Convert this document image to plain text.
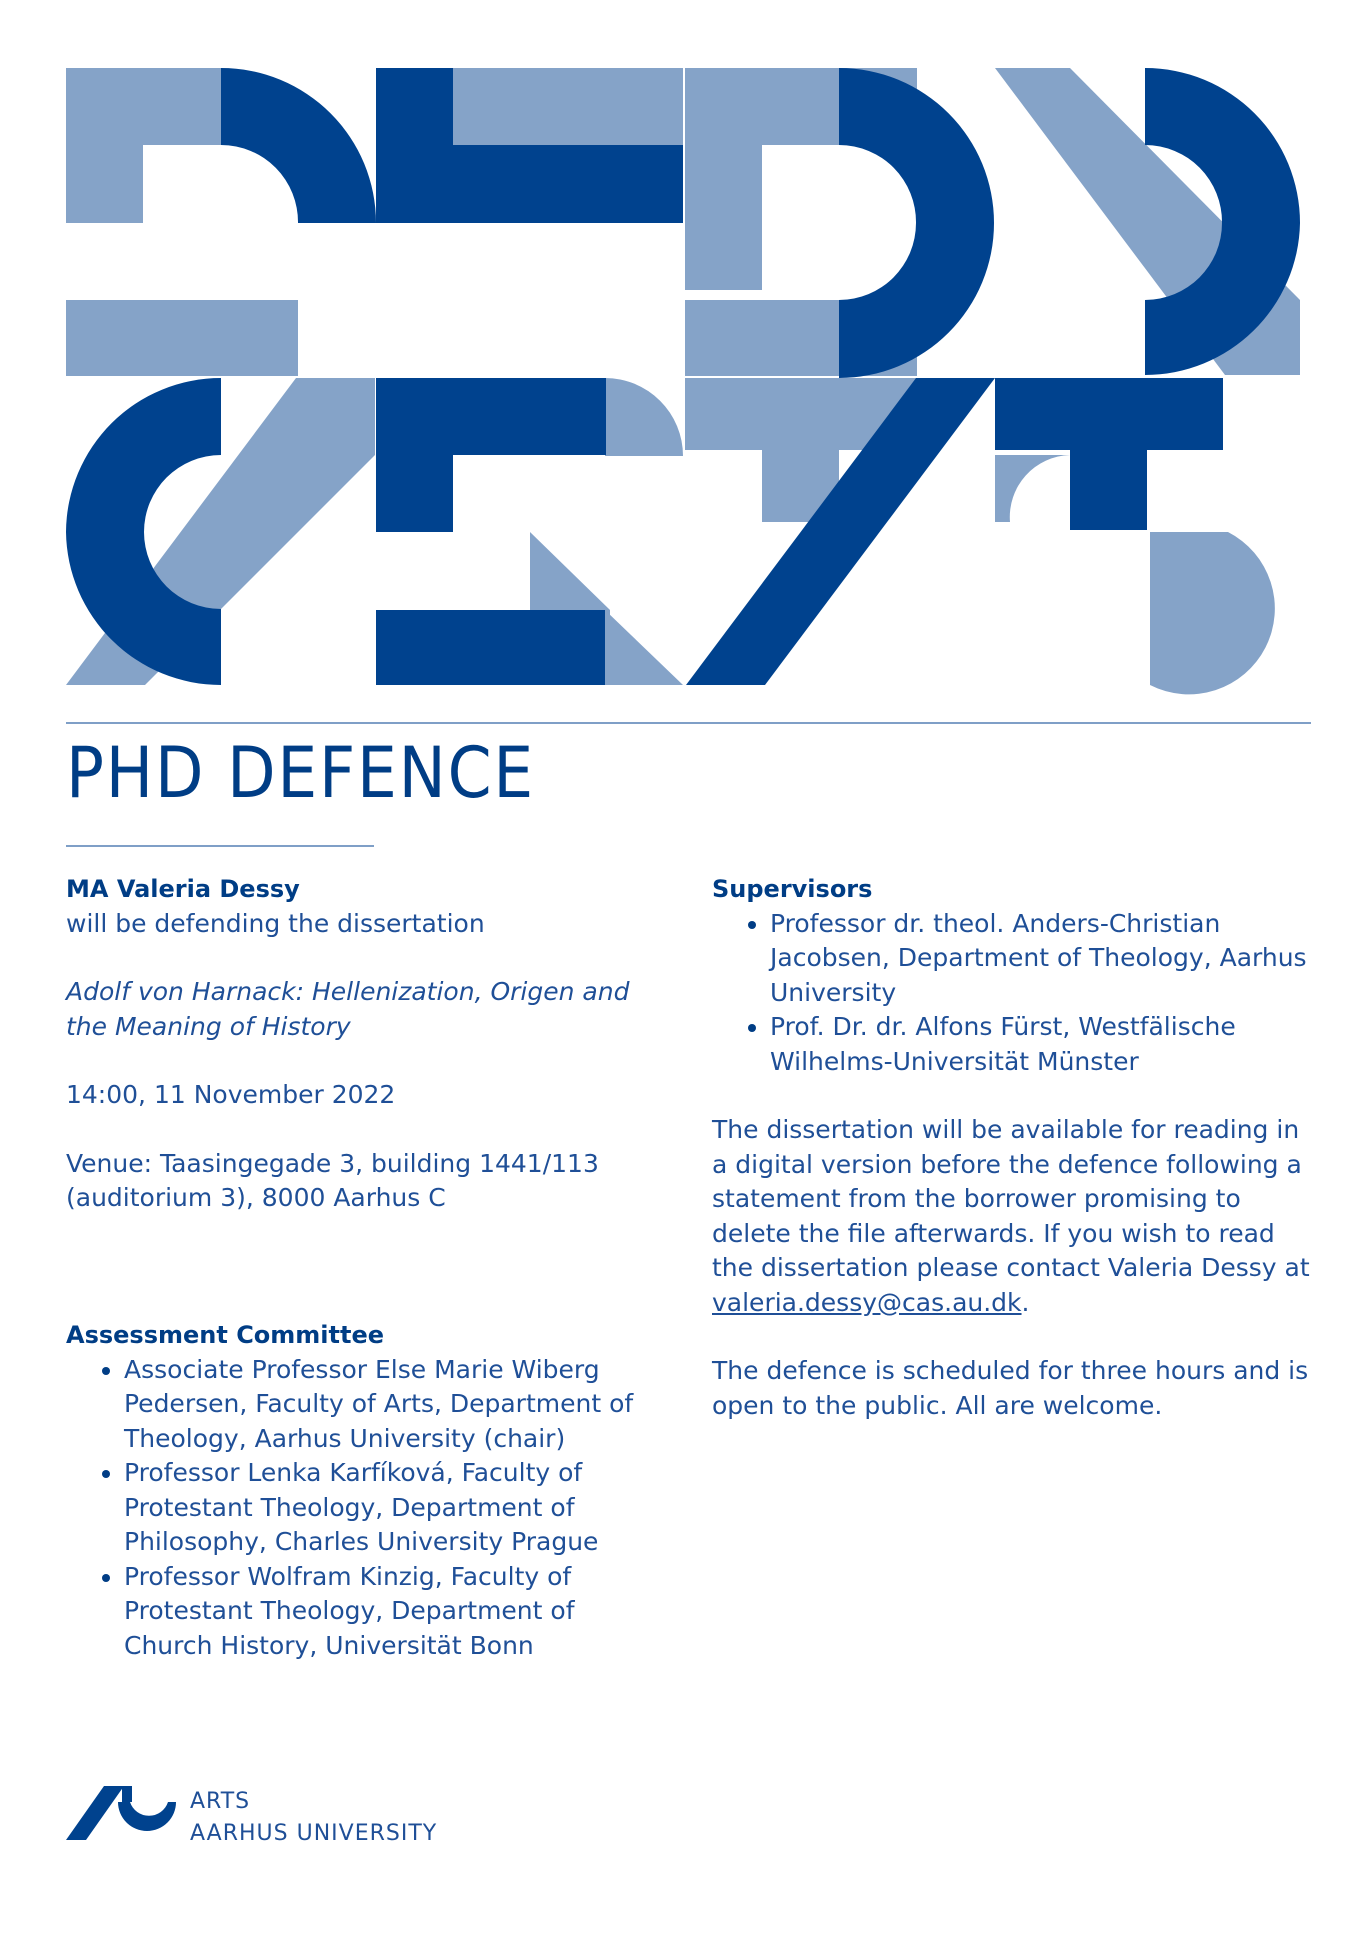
PHD DEFENCE

MA Valeria Dessy

will be defending the dissertation

Adolf von Harnack: Hellenization, Origen and the Meaning of History

14:00, 11 November 2022

Venue: Taasingegade 3, building 1441/113 (auditorium 3), 8000 Aarhus C

Assessment Committee

• Associate Professor Else Marie Wiberg Pedersen, Faculty of Arts, Department of Theology, Aarhus University (chair)
• Professor Lenka Karfíková, Faculty of Protestant Theology, Department of Philosophy, Charles University Prague
• Professor Wolfram Kinzig, Faculty of Protestant Theology, Department of Church History, Universität Bonn

Supervisors

• Professor dr. theol. Anders-Christian Jacobsen, Department of Theology, Aarhus University
• Prof. Dr. dr. Alfons Fürst, Westfälische Wilhelms-Universität Münster

The dissertation will be available for reading in a digital version before the defence following a statement from the borrower promising to delete the file afterwards. If you wish to read the dissertation please contact Valeria Dessy at valeria.dessy@cas.au.dk.

The defence is scheduled for three hours and is open to the public. All are welcome.

ARTS
AARHUS UNIVERSITY
